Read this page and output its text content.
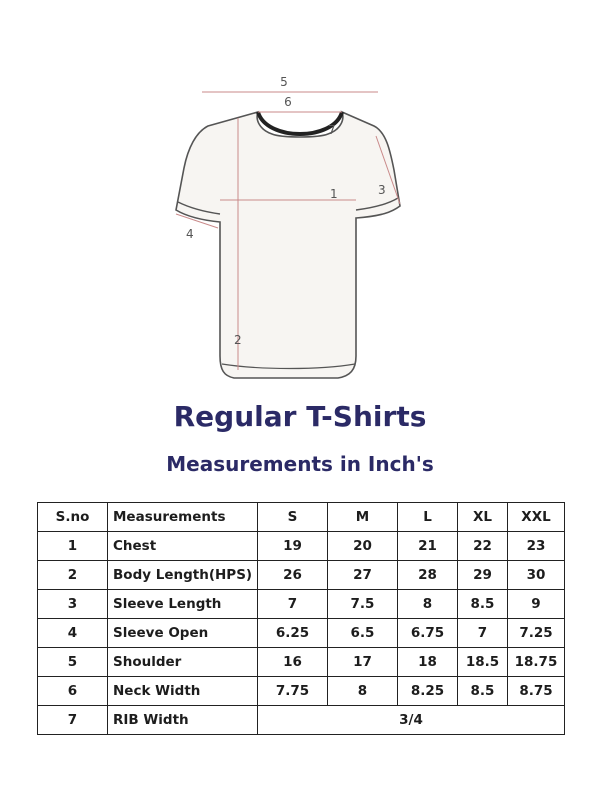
5
6
7
1	3
4
2
Regular T-Shirts
Measurements in Inch's
S.no	Measurements	S	M	L	XL	XXL
1	Chest	19	20	21	22	23
2	Body Length(HPS)	26	27	28	29	30
3	Sleeve Length	7	7.5	8	8.5	9
4	Sleeve Open	6.25	6.5	6.75	7	7.25
5	Shoulder	16	17	18	18.5	18.75
6	Neck Width	7.75	8	8.25	8.5	8.75
7	RIB Width	3/4				
